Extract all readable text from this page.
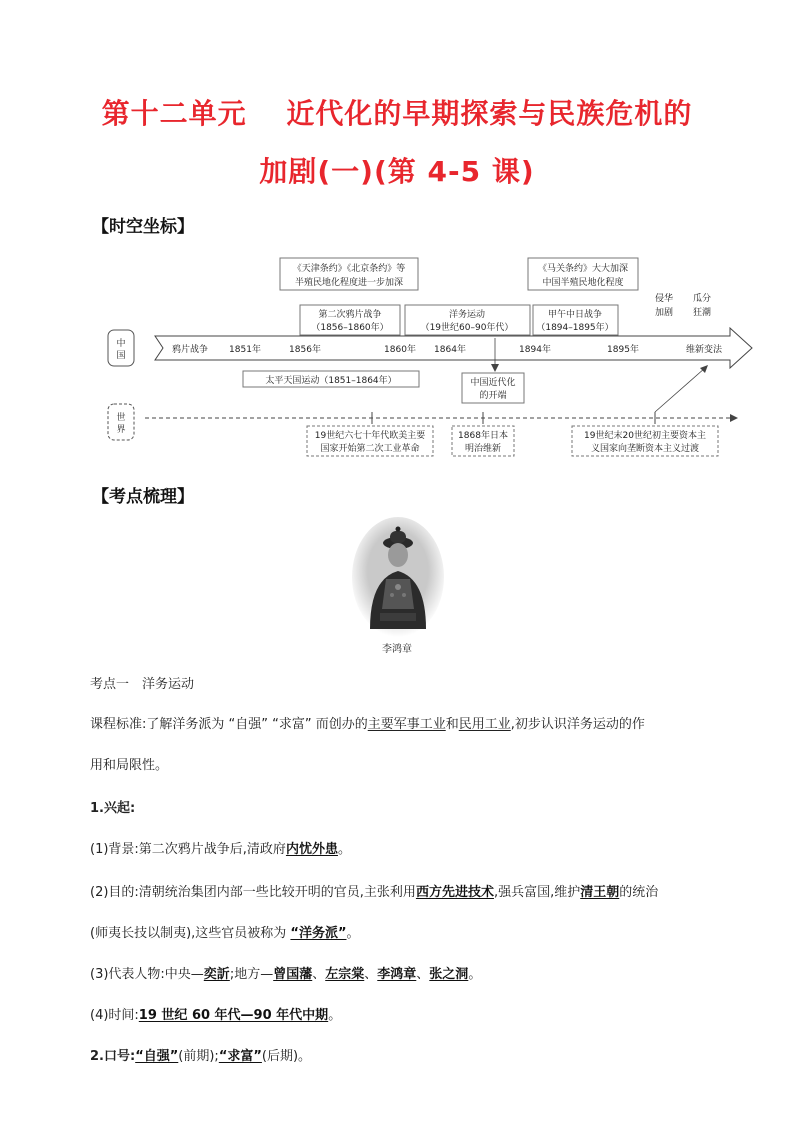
第十二单元　 近代化的早期探索与民族危机的
加剧(一)(第 4-5 课)
【时空坐标】
中
国
鸦片战争 1851年	1856年	1860年 1864年	1894年	1895年	维新变法
《天津条约》《北京条约》等
半殖民地化程度进一步加深
《马关条约》大大加深
中国半殖民地化程度
第二次鸦片战争
（1856–1860年）
洋务运动
（19世纪60–90年代）
甲午中日战争
（1894–1895年）
侵华
加剧
瓜分
狂潮
太平天国运动（1851–1864年）	中国近代化
的开端
世
界
19世纪六七十年代欧美主要
国家开始第二次工业革命
1868年日本
明治维新
19世纪末20世纪初主要资本主
义国家向垄断资本主义过渡
【考点梳理】
李鸿章
考点一　洋务运动
课程标准:了解洋务派为 “自强” “求富” 而创办的主要军事工业和民用工业,初步认识洋务运动的作
用和局限性。
1.兴起:
(1)背景:第二次鸦片战争后,清政府内忧外患。
(2)目的:清朝统治集团内部一些比较开明的官员,主张利用西方先进技术,强兵富国,维护清王朝的统治
(师夷长技以制夷),这些官员被称为 “洋务派”。
(3)代表人物:中央—奕訢;地方—曾国藩、左宗棠、李鸿章、张之洞。
(4)时间:19 世纪 60 年代—90 年代中期。
2.口号:“自强”(前期);“求富”(后期)。
